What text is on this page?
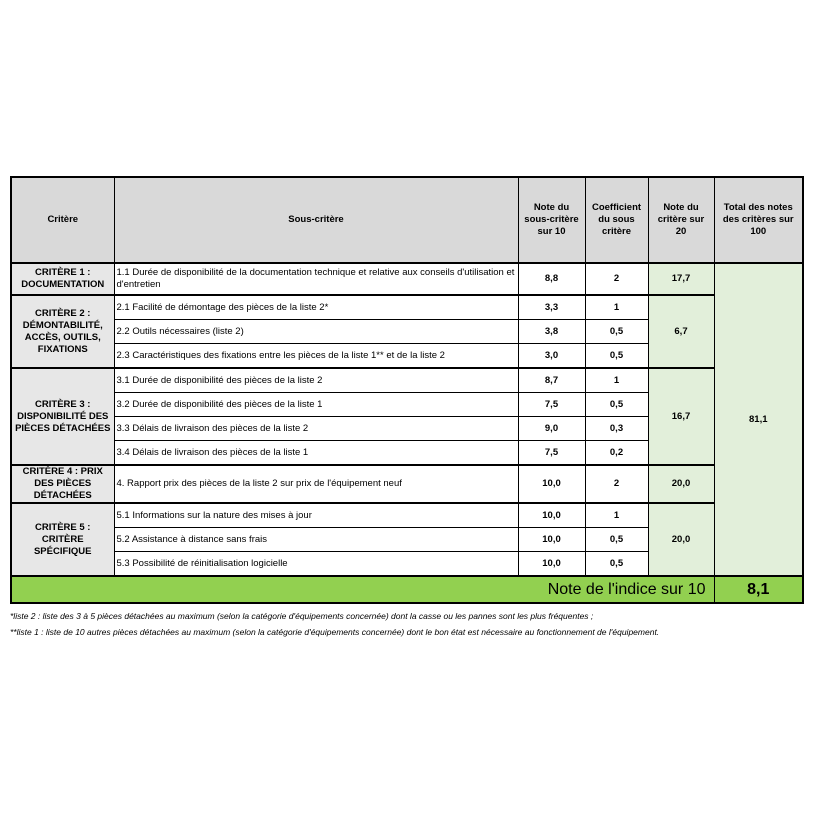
Critère	Sous-critère	Note du sous-critère sur 10	Coefficient du sous critère	Note du critère sur 20	Total des notes des critères sur 100
CRITÈRE 1 : DOCUMENTATION	1.1 Durée de disponibilité de la documentation technique et relative aux conseils d'utilisation et d'entretien	8,8	2	17,7	81,1
CRITÈRE 2 : DÉMONTABILITÉ, ACCÈS, OUTILS, FIXATIONS	2.1 Facilité de démontage des pièces de la liste 2*	3,3	1	6,7	
	2.2 Outils nécessaires (liste 2)	3,8	0,5		
	2.3 Caractéristiques des fixations entre les pièces de la liste 1** et de la liste 2	3,0	0,5		
CRITÈRE 3 : DISPONIBILITÉ DES PIÈCES DÉTACHÉES	3.1 Durée de disponibilité des pièces de la liste 2	8,7	1	16,7	
	3.2 Durée de disponibilité des pièces de la liste 1	7,5	0,5		
	3.3 Délais de livraison des pièces de la liste 2	9,0	0,3		
	3.4 Délais de livraison des pièces de la liste 1	7,5	0,2		
CRITÈRE 4 : PRIX DES PIÈCES DÉTACHÉES	4. Rapport prix des pièces de la liste 2 sur prix de l'équipement neuf	10,0	2	20,0	
CRITÈRE 5 : CRITÈRE SPÉCIFIQUE	5.1 Informations sur la nature des mises à jour	10,0	1	20,0	
	5.2 Assistance à distance sans frais	10,0	0,5		
	5.3 Possibilité de réinitialisation logicielle	10,0	0,5		
Note de l'indice sur 10					8,1
*liste 2 : liste des 3 à 5 pièces détachées au maximum (selon la catégorie d'équipements concernée) dont la casse ou les pannes sont les plus fréquentes ;
**liste 1 : liste de 10 autres pièces détachées au maximum (selon la catégorie d'équipements concernée) dont le bon état est nécessaire au fonctionnement de l'équipement.
